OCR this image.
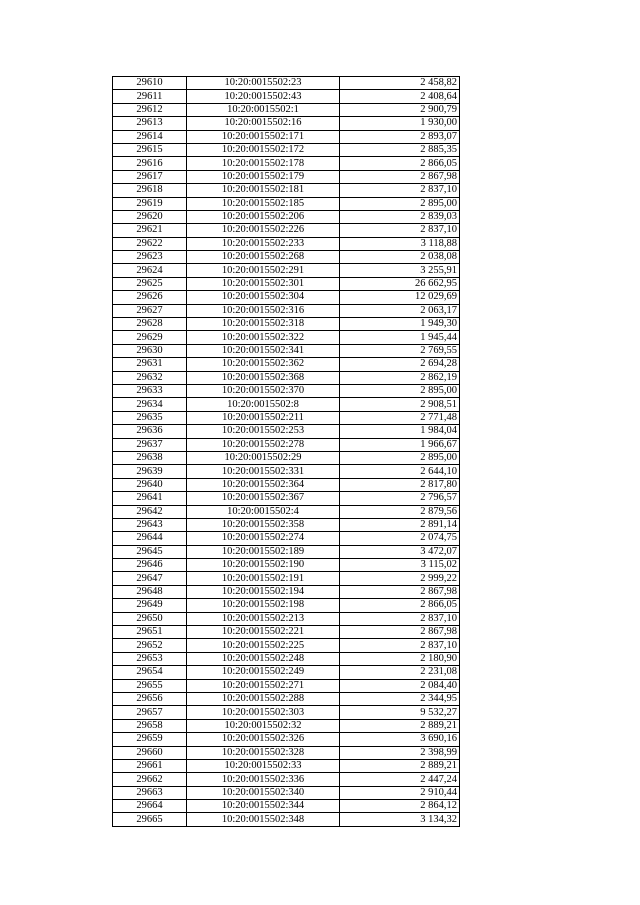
29610	10:20:0015502:23	2 458,82
29611	10:20:0015502:43	2 408,64
29612	10:20:0015502:1	2 900,79
29613	10:20:0015502:16	1 930,00
29614	10:20:0015502:171	2 893,07
29615	10:20:0015502:172	2 885,35
29616	10:20:0015502:178	2 866,05
29617	10:20:0015502:179	2 867,98
29618	10:20:0015502:181	2 837,10
29619	10:20:0015502:185	2 895,00
29620	10:20:0015502:206	2 839,03
29621	10:20:0015502:226	2 837,10
29622	10:20:0015502:233	3 118,88
29623	10:20:0015502:268	2 038,08
29624	10:20:0015502:291	3 255,91
29625	10:20:0015502:301	26 662,95
29626	10:20:0015502:304	12 029,69
29627	10:20:0015502:316	2 063,17
29628	10:20:0015502:318	1 949,30
29629	10:20:0015502:322	1 945,44
29630	10:20:0015502:341	2 769,55
29631	10:20:0015502:362	2 694,28
29632	10:20:0015502:368	2 862,19
29633	10:20:0015502:370	2 895,00
29634	10:20:0015502:8	2 908,51
29635	10:20:0015502:211	2 771,48
29636	10:20:0015502:253	1 984,04
29637	10:20:0015502:278	1 966,67
29638	10:20:0015502:29	2 895,00
29639	10:20:0015502:331	2 644,10
29640	10:20:0015502:364	2 817,80
29641	10:20:0015502:367	2 796,57
29642	10:20:0015502:4	2 879,56
29643	10:20:0015502:358	2 891,14
29644	10:20:0015502:274	2 074,75
29645	10:20:0015502:189	3 472,07
29646	10:20:0015502:190	3 115,02
29647	10:20:0015502:191	2 999,22
29648	10:20:0015502:194	2 867,98
29649	10:20:0015502:198	2 866,05
29650	10:20:0015502:213	2 837,10
29651	10:20:0015502:221	2 867,98
29652	10:20:0015502:225	2 837,10
29653	10:20:0015502:248	2 180,90
29654	10:20:0015502:249	2 231,08
29655	10:20:0015502:271	2 084,40
29656	10:20:0015502:288	2 344,95
29657	10:20:0015502:303	9 532,27
29658	10:20:0015502:32	2 889,21
29659	10:20:0015502:326	3 690,16
29660	10:20:0015502:328	2 398,99
29661	10:20:0015502:33	2 889,21
29662	10:20:0015502:336	2 447,24
29663	10:20:0015502:340	2 910,44
29664	10:20:0015502:344	2 864,12
29665	10:20:0015502:348	3 134,32
